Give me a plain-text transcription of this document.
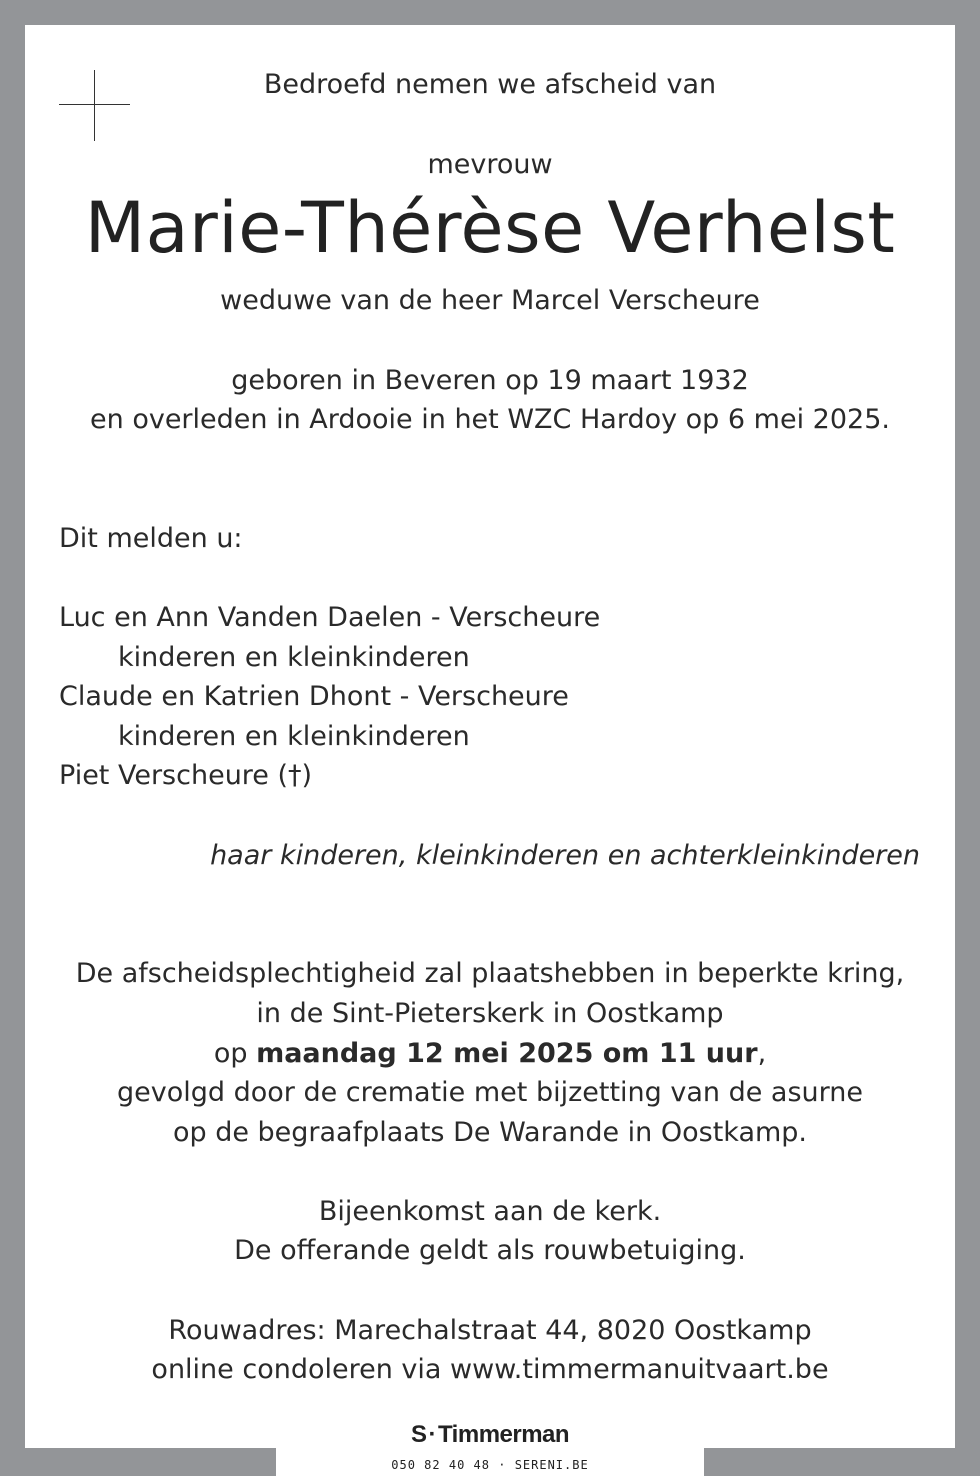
Bedroefd nemen we afscheid van
mevrouw
Marie-Thérèse Verhelst
weduwe van de heer Marcel Verscheure
geboren in Beveren op 19 maart 1932
en overleden in Ardooie in het WZC Hardoy op 6 mei 2025.
Dit melden u:
Luc en Ann Vanden Daelen - Verscheure
kinderen en kleinkinderen
Claude en Katrien Dhont - Verscheure
kinderen en kleinkinderen
Piet Verscheure (†)
haar kinderen, kleinkinderen en achterkleinkinderen
De afscheidsplechtigheid zal plaatshebben in beperkte kring,
in de Sint-Pieterskerk in Oostkamp
op maandag 12 mei 2025 om 11 uur,
gevolgd door de crematie met bijzetting van de asurne
op de begraafplaats De Warande in Oostkamp.
Bijeenkomst aan de kerk.
De offerande geldt als rouwbetuiging.
Rouwadres: Marechalstraat 44, 8020 Oostkamp
online condoleren via www.timmermanuitvaart.be
S·Timmerman
050 82 40 48 · SERENI.BE
